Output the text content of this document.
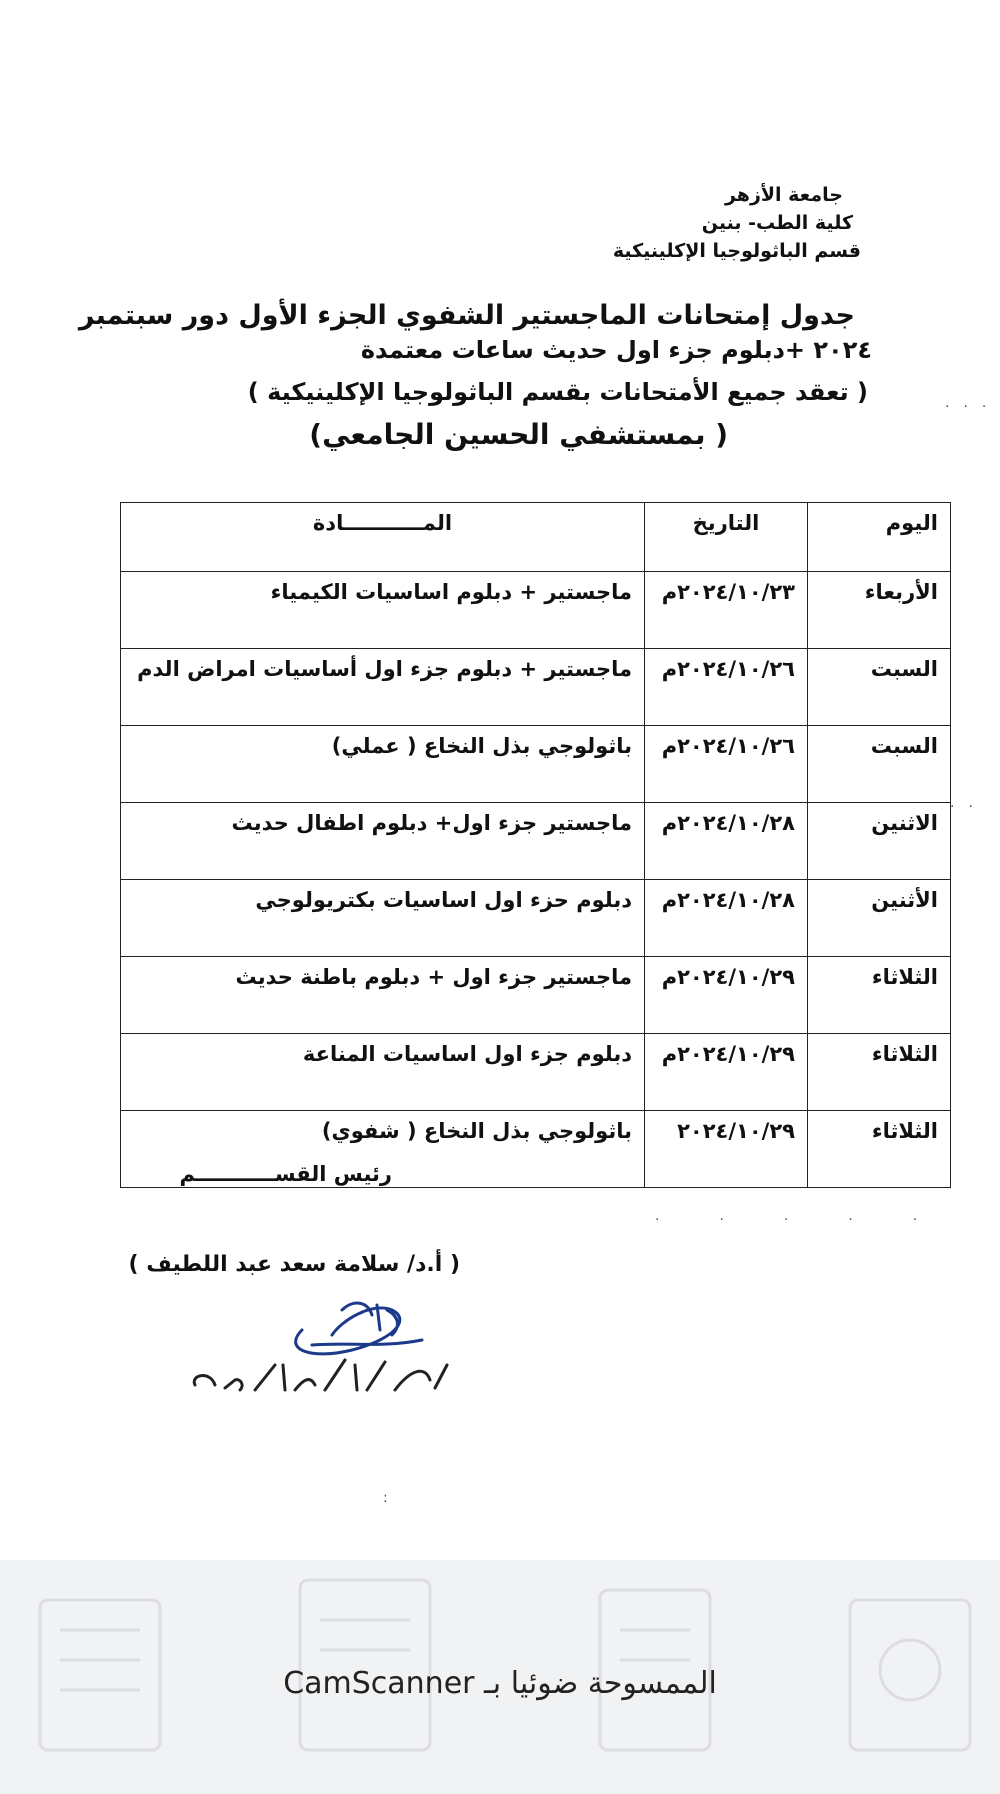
جامعة الأزهر
كلية الطب- بنين
قسم الباثولوجيا الإكلينيكية
جدول إمتحانات الماجستير الشفوي الجزء الأول دور سبتمبر
٢٠٢٤ +دبلوم جزء اول حديث ساعات معتمدة
( تعقد جميع الأمتحانات بقسم الباثولوجيا الإكلينيكية )
( بمستشفي الحسين الجامعي)
...
..
.....
اليوم	التاريخ	المـــــــــــادة
الأربعاء	٢٠٢٤/١٠/٢٣م	ماجستير + دبلوم اساسيات الكيمياء
السبت	٢٠٢٤/١٠/٢٦م	ماجستير + دبلوم جزء اول أساسيات امراض الدم
السبت	٢٠٢٤/١٠/٢٦م	باثولوجي بذل النخاع ( عملي)
الاثنين	٢٠٢٤/١٠/٢٨م	ماجستير جزء اول+ دبلوم اطفال حديث
الأثنين	٢٠٢٤/١٠/٢٨م	دبلوم حزء اول اساسيات بكتريولوجي
الثلاثاء	٢٠٢٤/١٠/٢٩م	ماجستير جزء اول + دبلوم باطنة حديث
الثلاثاء	٢٠٢٤/١٠/٢٩م	دبلوم جزء اول اساسيات المناعة
الثلاثاء	٢٠٢٤/١٠/٢٩	باثولوجي بذل النخاع ( شفوي)
رئيس القســـــــــــم
( أ.د/ سلامة سعد عبد اللطيف )
:
الممسوحة ضوئيا بـ CamScanner
